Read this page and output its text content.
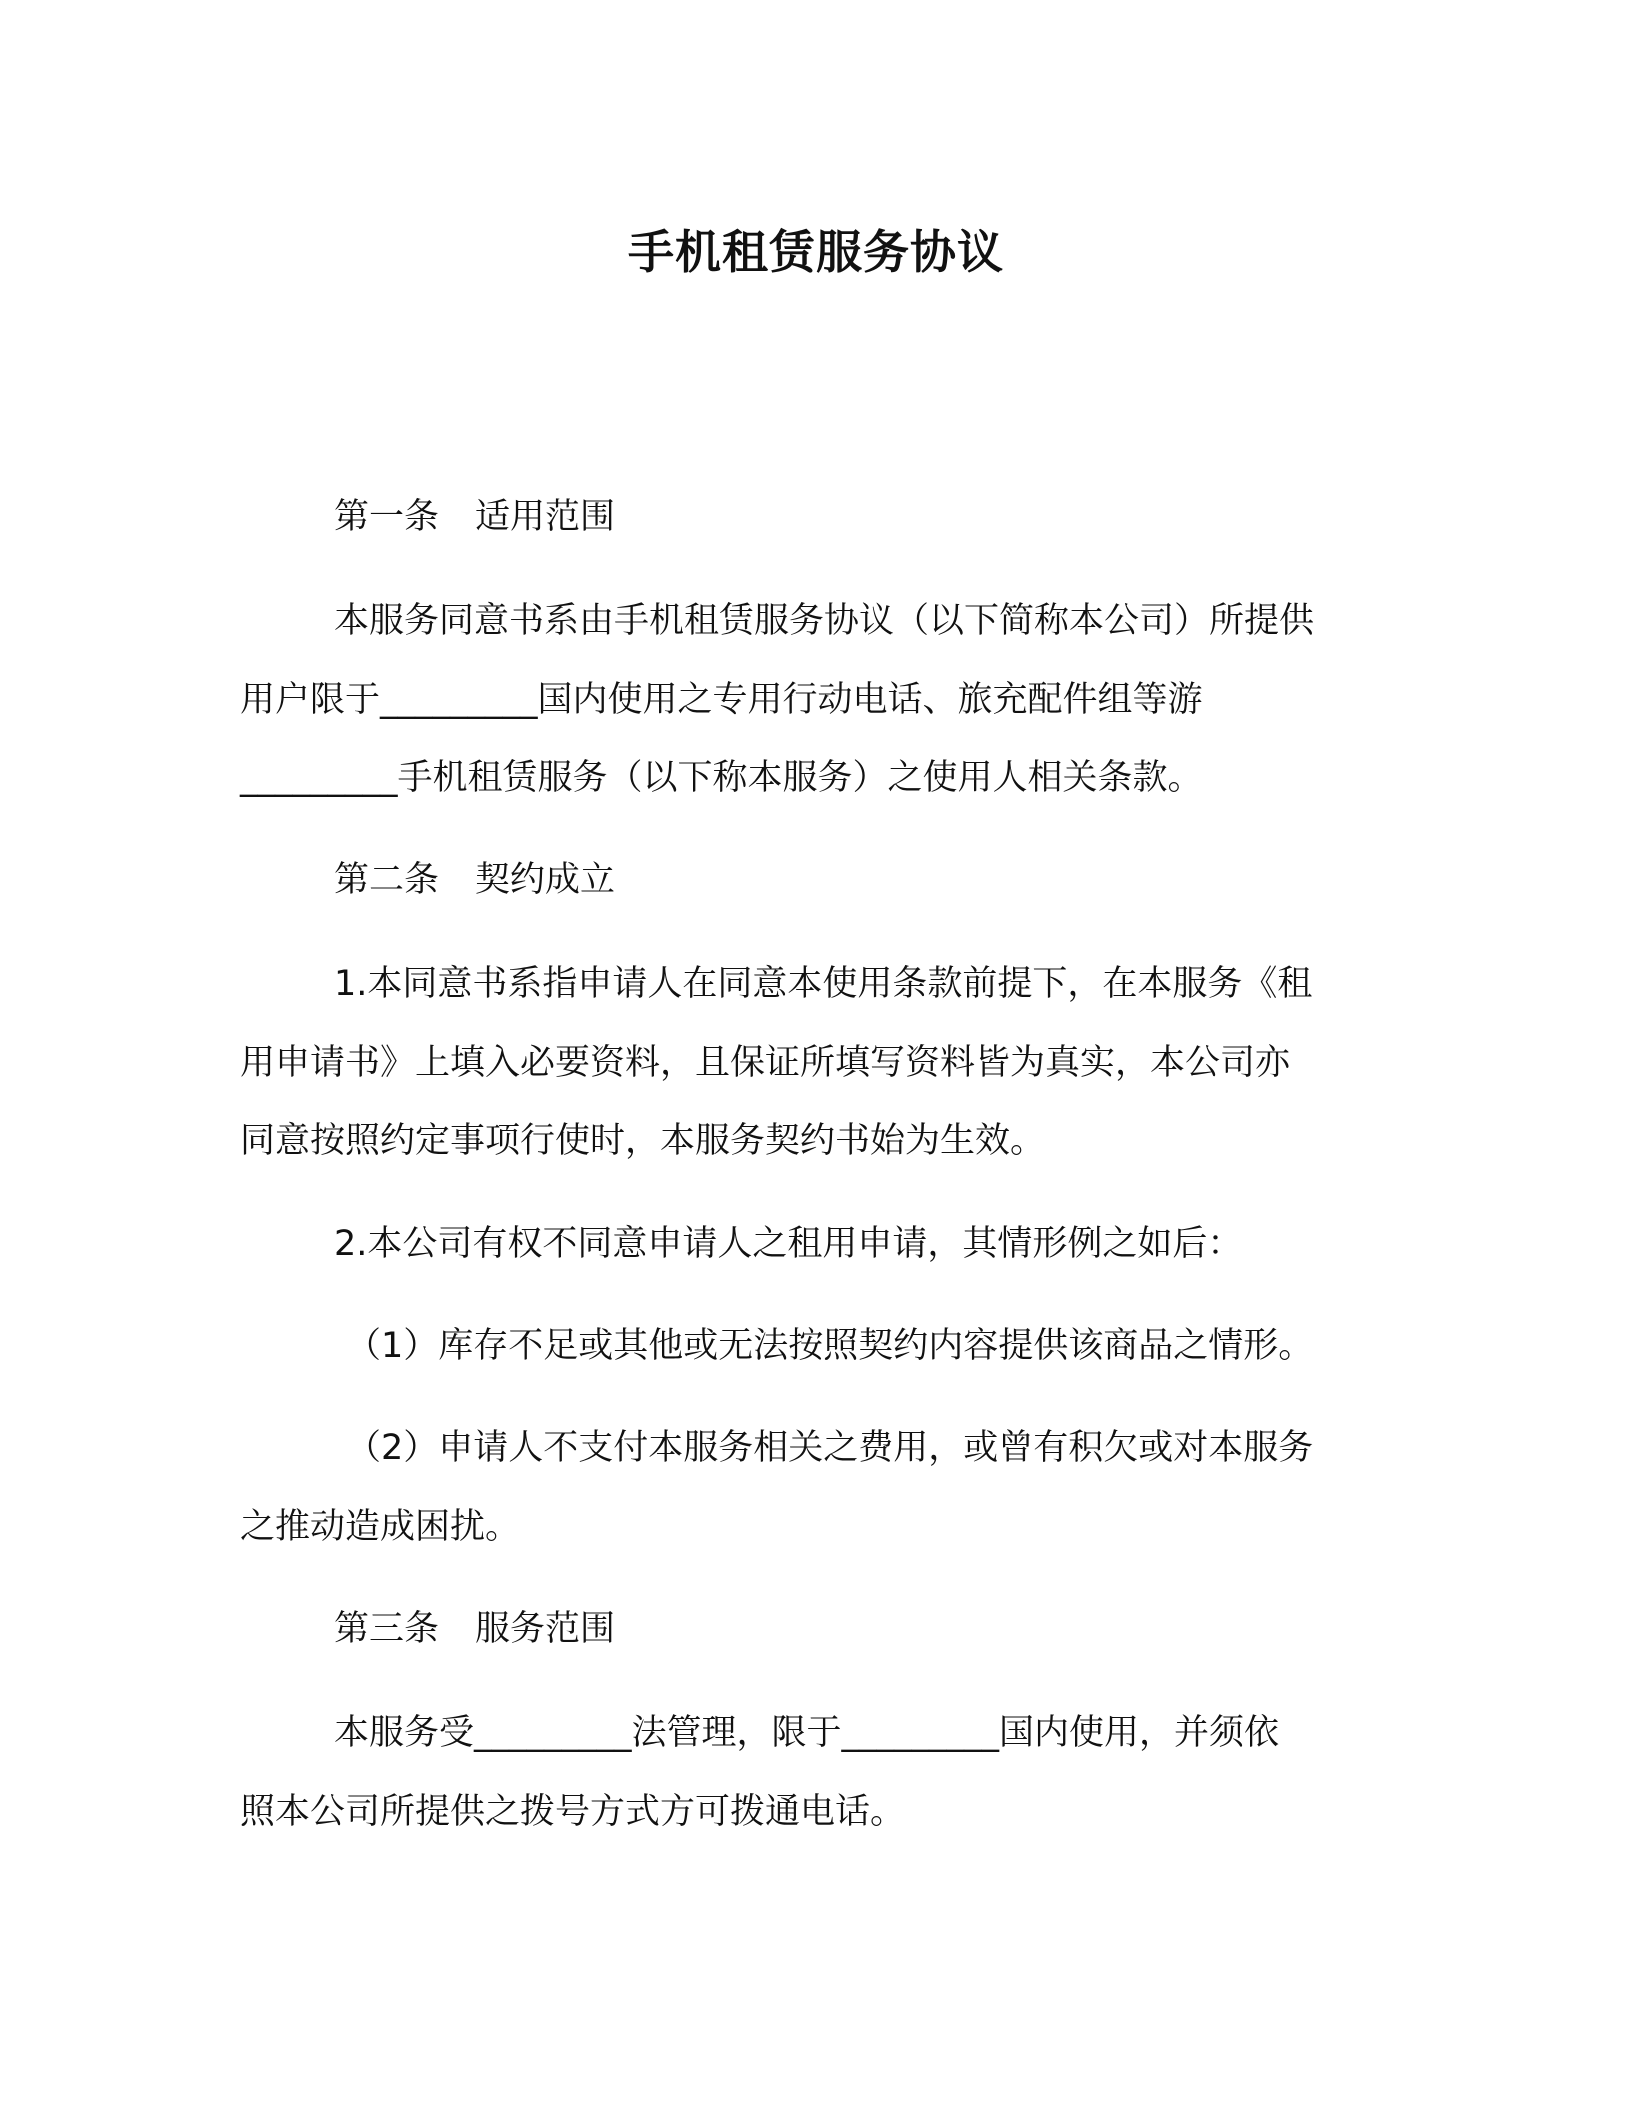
手机租赁服务协议
第一条 适用范围
本服务同意书系由手机租赁服务协议（以下简称本公司）所提供
用户限于_________国内使用之专用行动电话、旅充配件组等游
_________手机租赁服务（以下称本服务）之使用人相关条款。
第二条 契约成立
1.本同意书系指申请人在同意本使用条款前提下，在本服务《租
用申请书》上填入必要资料，且保证所填写资料皆为真实，本公司亦
同意按照约定事项行使时，本服务契约书始为生效。
2.本公司有权不同意申请人之租用申请，其情形例之如后：
（1）库存不足或其他或无法按照契约内容提供该商品之情形。
（2）申请人不支付本服务相关之费用，或曾有积欠或对本服务
之推动造成困扰。
第三条 服务范围
本服务受_________法管理，限于_________国内使用，并须依
照本公司所提供之拨号方式方可拨通电话。
